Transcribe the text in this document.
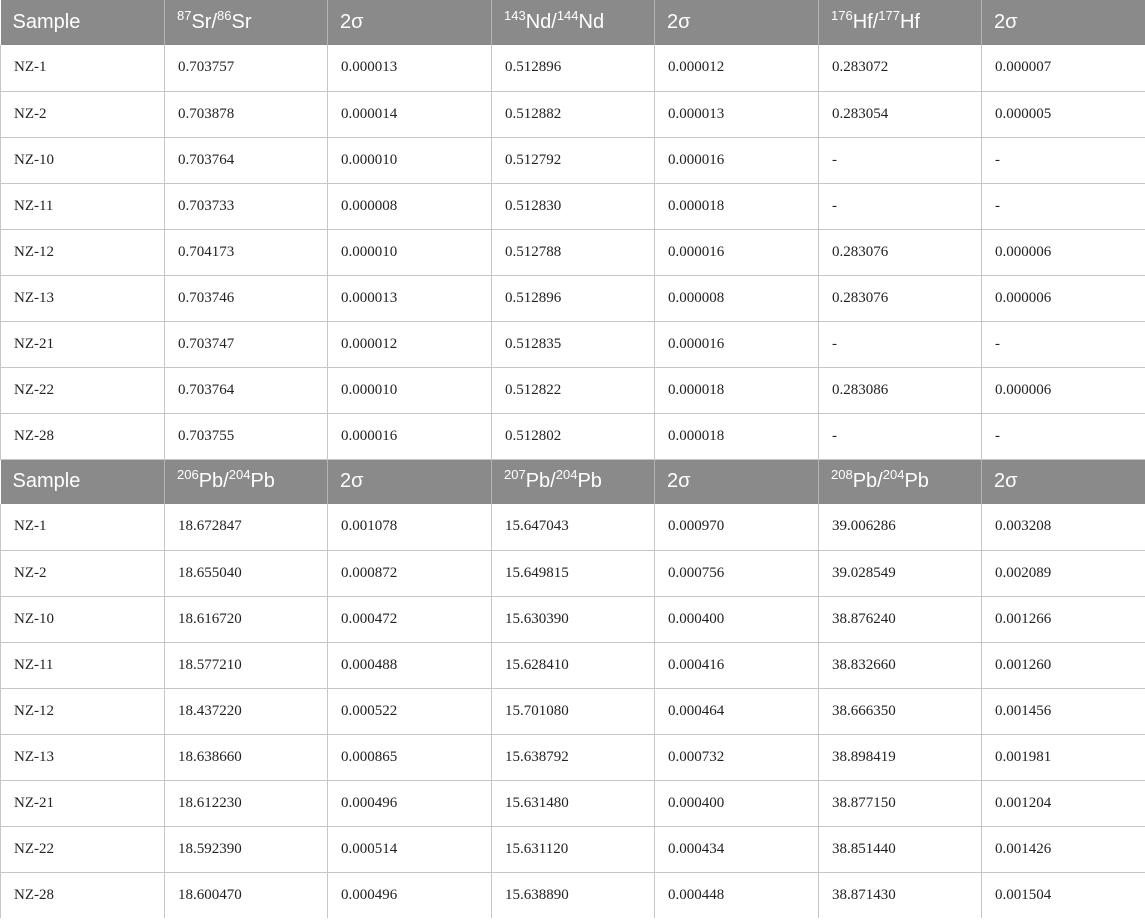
Sample	$^{87}$Sr/$^{86}$Sr	2σ	$^{143}$Nd/$^{144}$Nd	2σ	$^{176}$Hf/$^{177}$Hf	2σ
NZ-1	0.703757	0.000013	0.512896	0.000012	0.283072	0.000007
NZ-2	0.703878	0.000014	0.512882	0.000013	0.283054	0.000005
NZ-10	0.703764	0.000010	0.512792	0.000016	-	-
NZ-11	0.703733	0.000008	0.512830	0.000018	-	-
NZ-12	0.704173	0.000010	0.512788	0.000016	0.283076	0.000006
NZ-13	0.703746	0.000013	0.512896	0.000008	0.283076	0.000006
NZ-21	0.703747	0.000012	0.512835	0.000016	-	-
NZ-22	0.703764	0.000010	0.512822	0.000018	0.283086	0.000006
NZ-28	0.703755	0.000016	0.512802	0.000018	-	-
Sample	$^{206}$Pb/$^{204}$Pb	2σ	$^{207}$Pb/$^{204}$Pb	2σ	$^{208}$Pb/$^{204}$Pb	2σ
NZ-1	18.672847	0.001078	15.647043	0.000970	39.006286	0.003208
NZ-2	18.655040	0.000872	15.649815	0.000756	39.028549	0.002089
NZ-10	18.616720	0.000472	15.630390	0.000400	38.876240	0.001266
NZ-11	18.577210	0.000488	15.628410	0.000416	38.832660	0.001260
NZ-12	18.437220	0.000522	15.701080	0.000464	38.666350	0.001456
NZ-13	18.638660	0.000865	15.638792	0.000732	38.898419	0.001981
NZ-21	18.612230	0.000496	15.631480	0.000400	38.877150	0.001204
NZ-22	18.592390	0.000514	15.631120	0.000434	38.851440	0.001426
NZ-28	18.600470	0.000496	15.638890	0.000448	38.871430	0.001504
